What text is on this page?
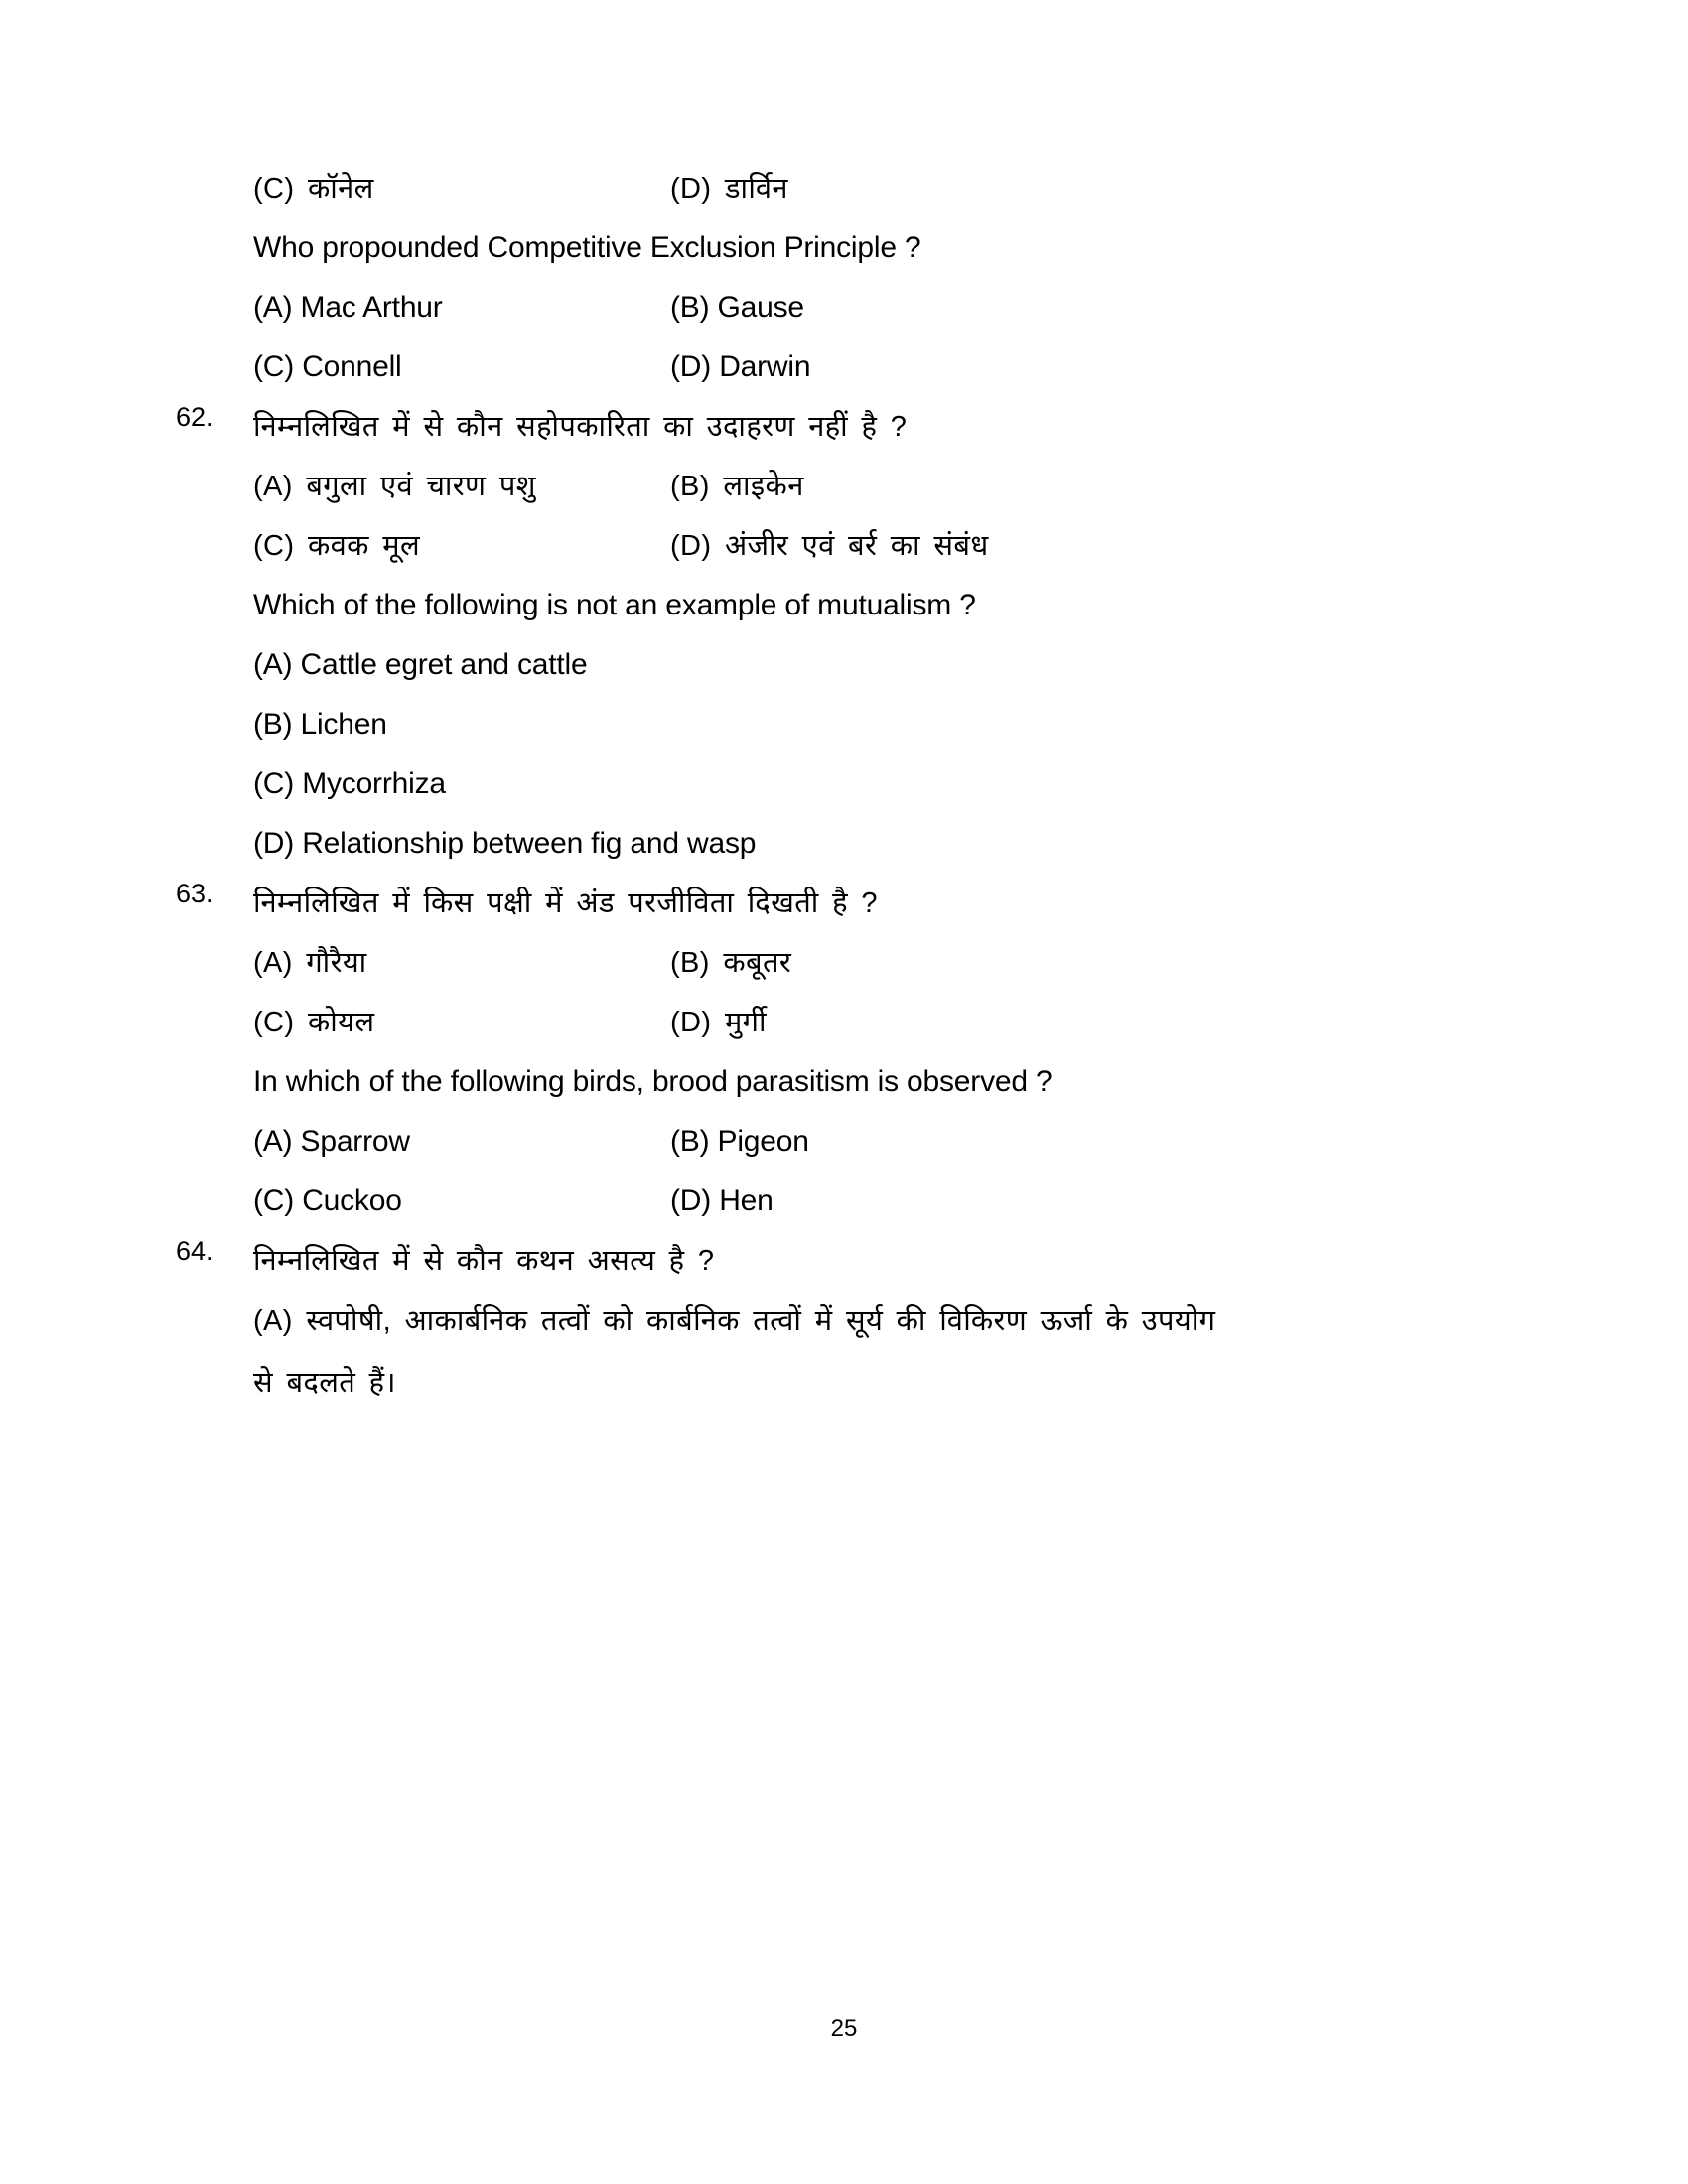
(C) कॉनेल	(D) डार्विन
Who propounded Competitive Exclusion Principle ?
(A) Mac Arthur	(B) Gause
(C) Connell	(D) Darwin
62.	निम्नलिखित में से कौन सहोपकारिता का उदाहरण नहीं है ?
(A) बगुला एवं चारण पशु	(B) लाइकेन
(C) कवक मूल	(D) अंजीर एवं बर्र का संबंध
Which of the following is not an example of mutualism ?
(A) Cattle egret and cattle
(B) Lichen
(C) Mycorrhiza
(D) Relationship between fig and wasp
63.	निम्नलिखित में किस पक्षी में अंड परजीविता दिखती है ?
(A) गौरैया	(B) कबूतर
(C) कोयल	(D) मुर्गी
In which of the following birds, brood parasitism is observed ?
(A) Sparrow	(B) Pigeon
(C) Cuckoo	(D) Hen
64.	निम्नलिखित में से कौन कथन असत्य है ?
(A) स्वपोषी, आकार्बनिक तत्वों को कार्बनिक तत्वों में सूर्य की विकिरण ऊर्जा के उपयोग
से बदलते हैं।
25
